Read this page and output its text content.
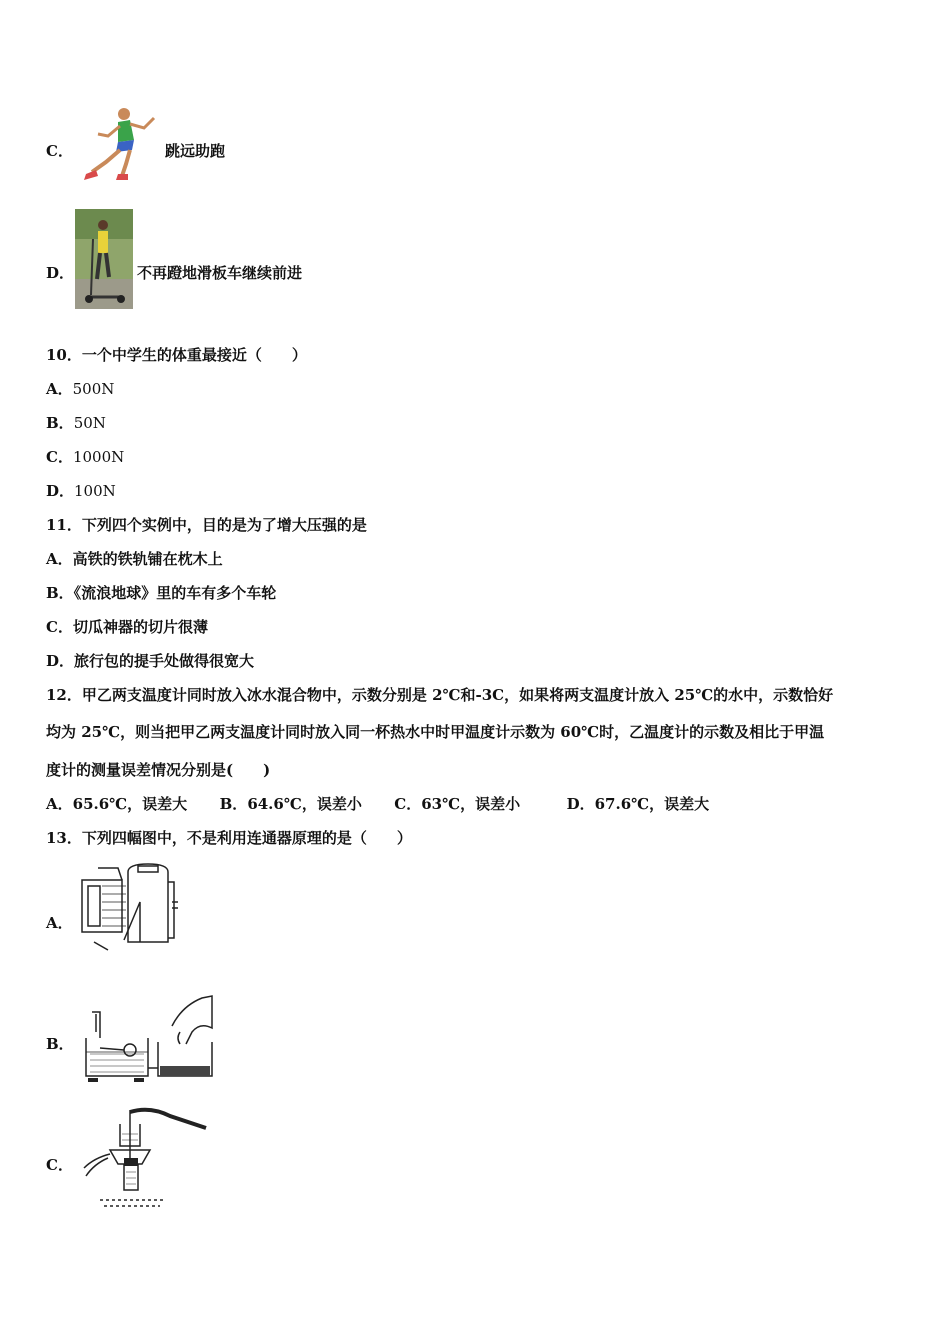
C．	跳远助跑
D．	不再蹬地滑板车继续前进
10．一个中学生的体重最接近（　　）
A．500N
B．50N
C．1000N
D．100N
11．下列四个实例中，目的是为了增大压强的是
A．高铁的铁轨铺在枕木上
B．《流浪地球》里的车有多个车轮
C．切瓜神器的切片很薄
D．旅行包的提手处做得很宽大
12．甲乙两支温度计同时放入冰水混合物中，示数分别是 2℃和-3C，如果将两支温度计放入 25℃的水中，示数恰好
均为 25℃，则当把甲乙两支温度计同时放入同一杯热水中时甲温度计示数为 60℃时，乙温度计的示数及相比于甲温
度计的测量误差情况分别是(　　)
A．65.6℃，误差大 B．64.6℃，误差小 C．63℃，误差小	D．67.6℃，误差大
13．下列四幅图中，不是利用连通器原理的是（　　）
A．
B．
C．
